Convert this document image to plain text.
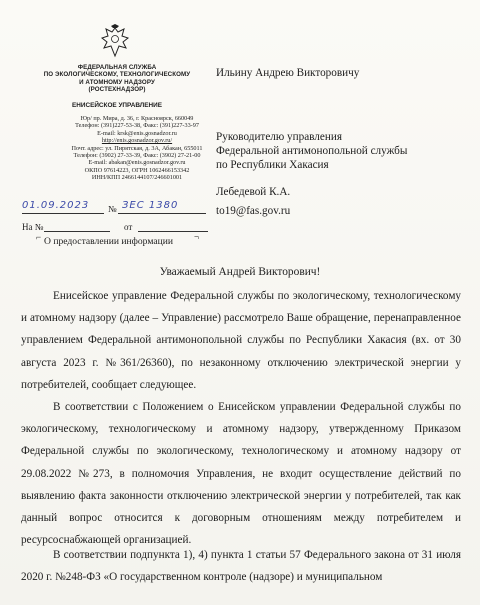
ФЕДЕРАЛЬНАЯ СЛУЖБА
ПО ЭКОЛОГИЧЕСКОМУ, ТЕХНОЛОГИЧЕСКОМУ
И АТОМНОМУ НАДЗОРУ
(РОСТЕХНАДЗОР)
ЕНИСЕЙСКОЕ УПРАВЛЕНИЕ
Юр/ пр. Мира, д. 36, г. Красноярск, 660049
Телефон: (391)227-53-38, Факс: (391)227-33-97
E-mail: krsk@enis.gosnadzor.ru
http://enis.gosnadzor.gov.ru/
Почт. адрес: ул. Пирятская, д. 3А, Абакан, 655011
Телефон: (3902) 27-33-39, Факс: (3902) 27-21-00
E-mail: abakan@enis.gosnadzor.gov.ru
ОКПО 97614223, ОГРН 1062466153342
ИНН/КПП 2466144107/246601001
Ильину Андрею Викторовичу
Руководителю управления
Федеральной антимонопольной службы
по Республики Хакасия
Лебедевой К.А.
to19@fas.gov.ru
01.09.2023 № ЗЕС 1380
На №	от
⌐ О предоставлении информации ¬
Уважаемый Андрей Викторович!
Енисейское управление Федеральной службы по экологическому, технологическому и атомному надзору (далее – Управление) рассмотрело Ваше обращение, перенаправленное управлением Федеральной антимонопольной службы по Республики Хакасия (вх. от 30 августа 2023 г. №361/26360), по незаконному отключению электрической энергии у потребителей, сообщает следующее.
В соответствии с Положением о Енисейском управлении Федеральной службы по экологическому, технологическому и атомному надзору, утвержденному Приказом Федеральной службы по экологическому, технологическому и атомному надзору от 29.08.2022 №273, в полномочия Управления, не входит осуществление действий по выявлению факта законности отключению электрической энергии у потребителей, так как данный вопрос относится к договорным отношениям между потребителем и ресурсоснабжающей организацией.
В соответствии подпункта 1), 4) пункта 1 статьи 57 Федерального закона от 31 июля 2020 г. №248-ФЗ «О государственном контроле (надзоре) и муниципальном
